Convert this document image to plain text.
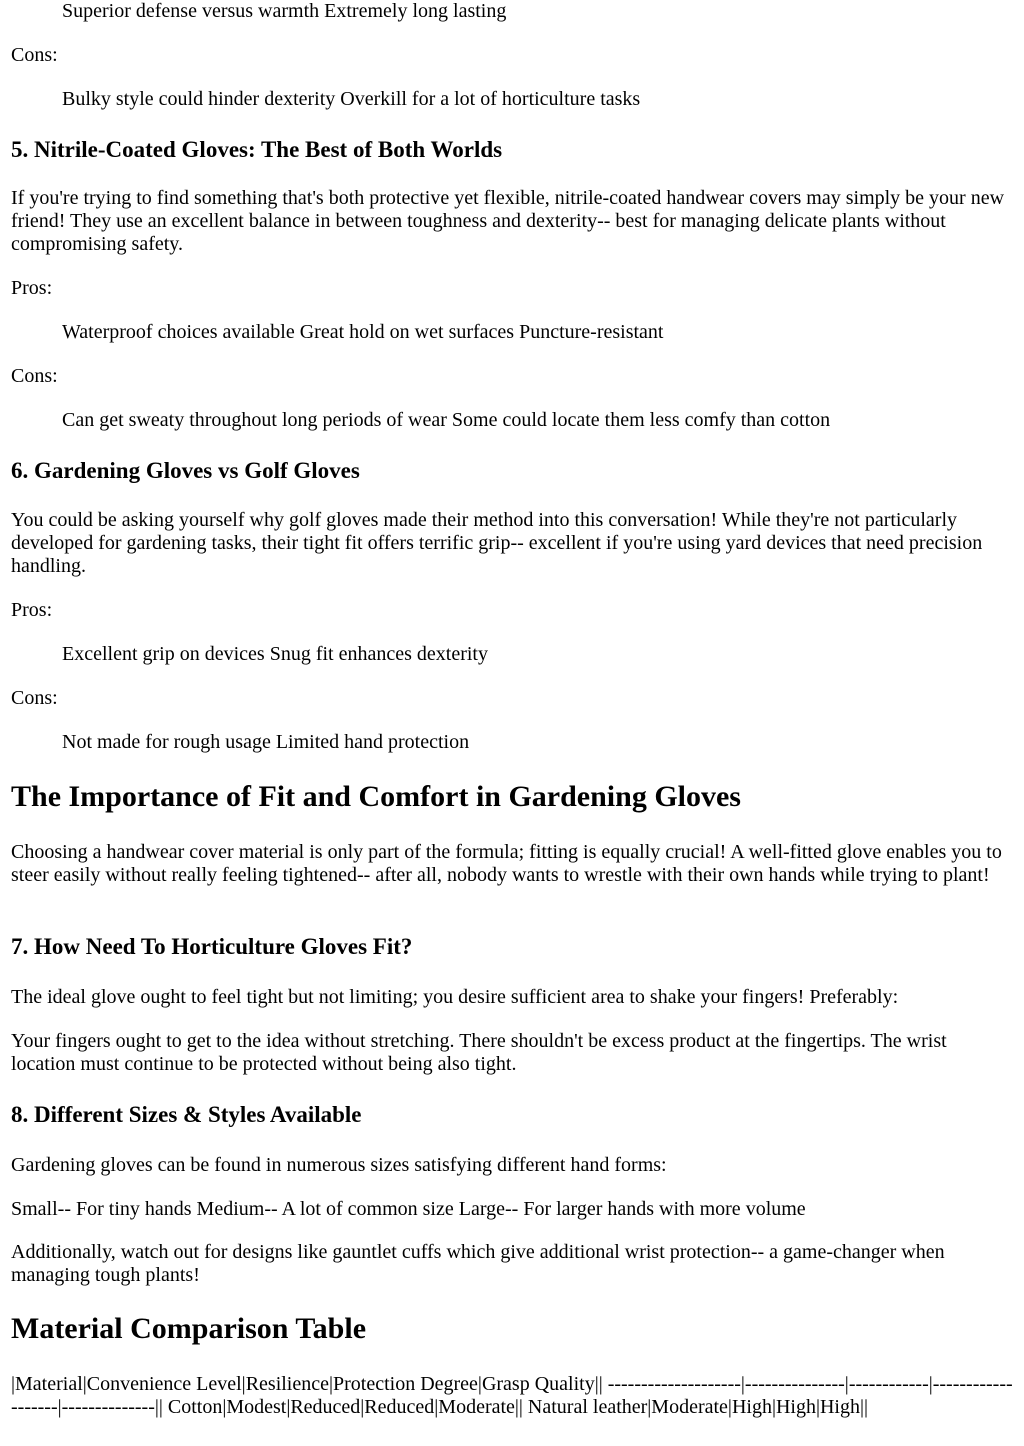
Superior defense versus warmth Extremely long lasting
Cons:
Bulky style could hinder dexterity Overkill for a lot of horticulture tasks
5. Nitrile-Coated Gloves: The Best of Both Worlds
If you're trying to find something that's both protective yet flexible, nitrile-coated handwear covers may simply be your new friend! They use an excellent balance in between toughness and dexterity-- best for managing delicate plants without compromising safety.
Pros:
Waterproof choices available Great hold on wet surfaces Puncture-resistant
Cons:
Can get sweaty throughout long periods of wear Some could locate them less comfy than cotton
6. Gardening Gloves vs Golf Gloves
You could be asking yourself why golf gloves made their method into this conversation! While they're not particularly developed for gardening tasks, their tight fit offers terrific grip-- excellent if you're using yard devices that need precision handling.
Pros:
Excellent grip on devices Snug fit enhances dexterity
Cons:
Not made for rough usage Limited hand protection
The Importance of Fit and Comfort in Gardening Gloves
Choosing a handwear cover material is only part of the formula; fitting is equally crucial! A well-fitted glove enables you to steer easily without really feeling tightened-- after all, nobody wants to wrestle with their own hands while trying to plant!
7. How Need To Horticulture Gloves Fit?
The ideal glove ought to feel tight but not limiting; you desire sufficient area to shake your fingers! Preferably:
Your fingers ought to get to the idea without stretching. There shouldn't be excess product at the fingertips. The wrist location must continue to be protected without being also tight.
8. Different Sizes & Styles Available
Gardening gloves can be found in numerous sizes satisfying different hand forms:
Small-- For tiny hands Medium-- A lot of common size Large-- For larger hands with more volume
Additionally, watch out for designs like gauntlet cuffs which give additional wrist protection-- a game-changer when managing tough plants!
Material Comparison Table
|Material|Convenience Level|Resilience|Protection Degree|Grasp Quality|| --------------------|---------------|------------|-------------------|--------------|| Cotton|Modest|Reduced|Reduced|Moderate|| Natural leather|Moderate|High|High|High||
